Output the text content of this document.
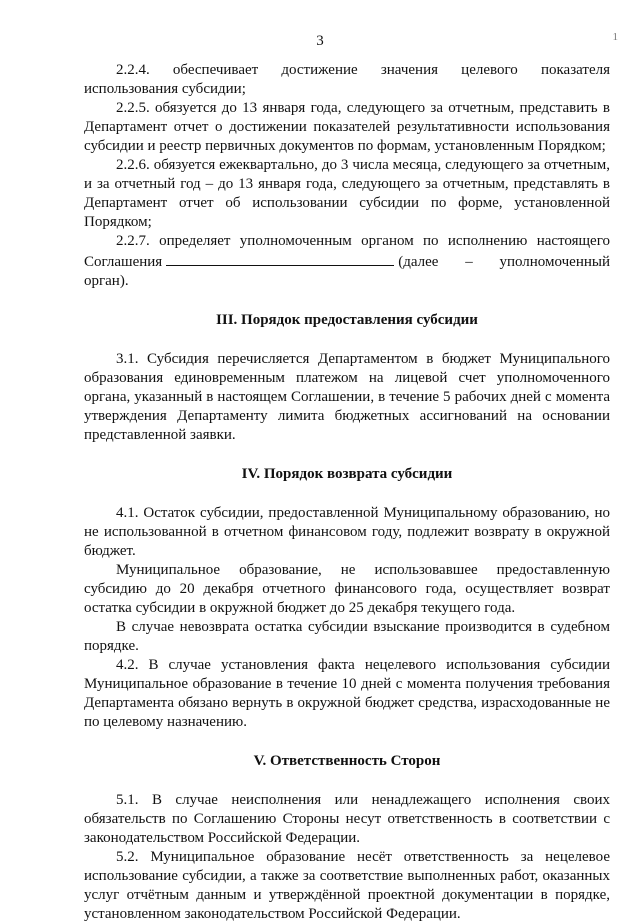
3	1

2.2.4. обеспечивает достижение значения целевого показателя использования субсидии;

2.2.5. обязуется до 13 января года, следующего за отчетным, представить в Департамент отчет о достижении показателей результативности использования субсидии и реестр первичных документов по формам, установленным Порядком;

2.2.6. обязуется ежеквартально, до 3 числа месяца, следующего за отчетным, и за отчетный год – до 13 января года, следующего за отчетным, представлять в Департамент отчет об использовании субсидии по форме, установленной Порядком;

2.2.7. определяет уполномоченным органом по исполнению настоящего Соглашения	(далее – уполномоченный орган).

III. Порядок предоставления субсидии

3.1. Субсидия перечисляется Департаментом в бюджет Муниципального образования единовременным платежом на лицевой счет уполномоченного органа, указанный в настоящем Соглашении, в течение 5 рабочих дней с момента утверждения Департаменту лимита бюджетных ассигнований на основании представленной заявки.

IV. Порядок возврата субсидии

4.1. Остаток субсидии, предоставленной Муниципальному образованию, но не использованной в отчетном финансовом году, подлежит возврату в окружной бюджет.

Муниципальное образование, не использовавшее предоставленную субсидию до 20 декабря отчетного финансового года, осуществляет возврат остатка субсидии в окружной бюджет до 25 декабря текущего года.

В случае невозврата остатка субсидии взыскание производится в судебном порядке.

4.2. В случае установления факта нецелевого использования субсидии Муниципальное образование в течение 10 дней с момента получения требования Департамента обязано вернуть в окружной бюджет средства, израсходованные не по целевому назначению.

V. Ответственность Сторон

5.1. В случае неисполнения или ненадлежащего исполнения своих обязательств по Соглашению Стороны несут ответственность в соответствии с законодательством Российской Федерации.

5.2. Муниципальное образование несёт ответственность за нецелевое использование субсидии, а также за соответствие выполненных работ, оказанных услуг отчётным данным и утверждённой проектной документации в порядке, установленном законодательством Российской Федерации.
